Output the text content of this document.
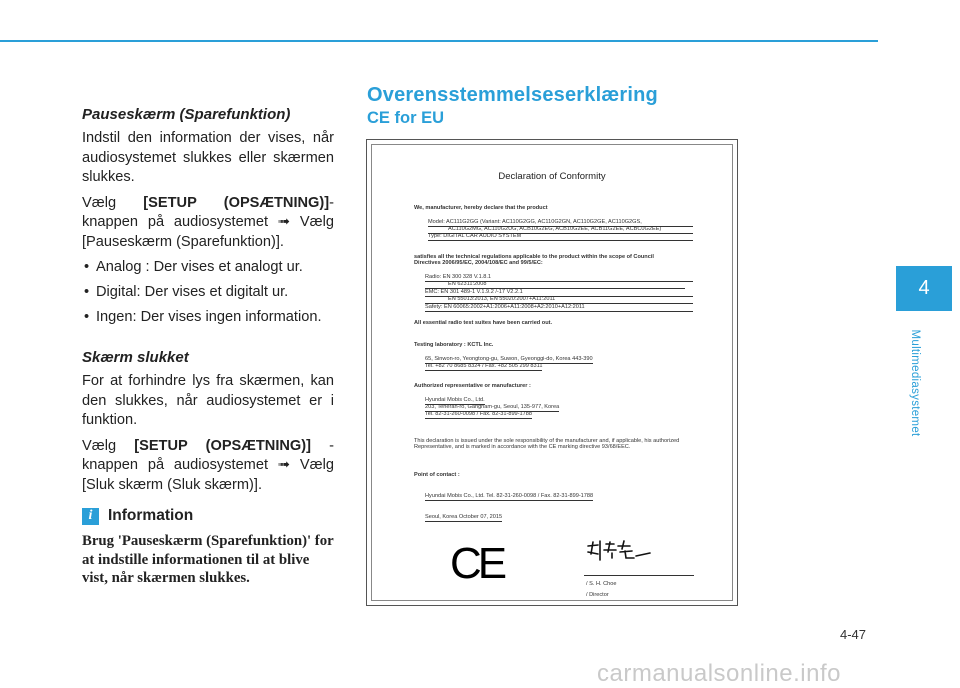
Pauseskærm (Sparefunktion)

Indstil den information der vises, når audiosystemet slukkes eller skærmen slukkes.

Vælg [SETUP (OPSÆTNING)]-knappen på audiosystemet ➟ Vælg [Pauseskærm (Sparefunktion)].

• Analog : Der vises et analogt ur.
• Digital: Der vises et digitalt ur.
• Ingen: Der vises ingen information.
Skærm slukket

For at forhindre lys fra skærmen, kan den slukkes, når audiosystemet er i funktion.

Vælg [SETUP (OPSÆTNING)] -knappen på audiosystemet ➟ Vælg [Sluk skærm (Sluk skærm)].

i	Information
Brug 'Pauseskærm (Sparefunktion)' for at indstille informationen til at blive vist, når skærmen slukkes.
Overensstemmelseserklæring
CE for EU
Declaration of Conformity
We, manufacturer, hereby declare that the product
Model: AC111G2GG (Variant: AC110G2GG, AC110G2GN, AC110G2GE, AC110G2GS,
AC110G2MG, AC110G2UG, ACB10G2EG, ACB10G2EE, ACB11G2EE, ACBC0G2EE)
Type: DIGITAL CAR AUDIO SYSTEM
satisfies all the technical regulations applicable to the product within the scope of Council
Directives 2006/95/EC, 2004/108/EC and 99/5/EC:
Radio: EN 300 328 V.1.8.1
EN 62311:2008
EMC: EN 301 489-1 V.1.9.2 /-17 V2.2.1
EN 55013:2013, EN 55020:2007+A11:2011
Safety: EN 60065:2002+A1:2006+A11:2008+A2:2010+A12:2011
All essential radio test suites have been carried out.
Testing laboratory : KCTL Inc.
65, Sinwon-ro, Yeongtong-gu, Suwon, Gyeonggi-do, Korea 443-390
Tel. +82 70 8685 8324 / Fax. +82 505 299 8311
Authorized representative or manufacturer :
Hyundai Mobis Co., Ltd.
203, Teheran-ro, Gangnam-gu, Seoul, 135-977, Korea
Tel. 82-31-260-0098 / Fax. 82-31-899-1788
This declaration is issued under the sole responsibility of the manufacturer and, if applicable, his authorized
Representative, and is marked in accordance with the CE marking directive 93/68/EEC.
Point of contact :
Hyundai Mobis Co., Ltd. Tel. 82-31-260-0098 / Fax. 82-31-899-1788
Seoul, Korea October 07, 2015
CE	/ S. H. Choe
/ Director
4
Multimediasystemet
4-47
carmanualsonline.info
